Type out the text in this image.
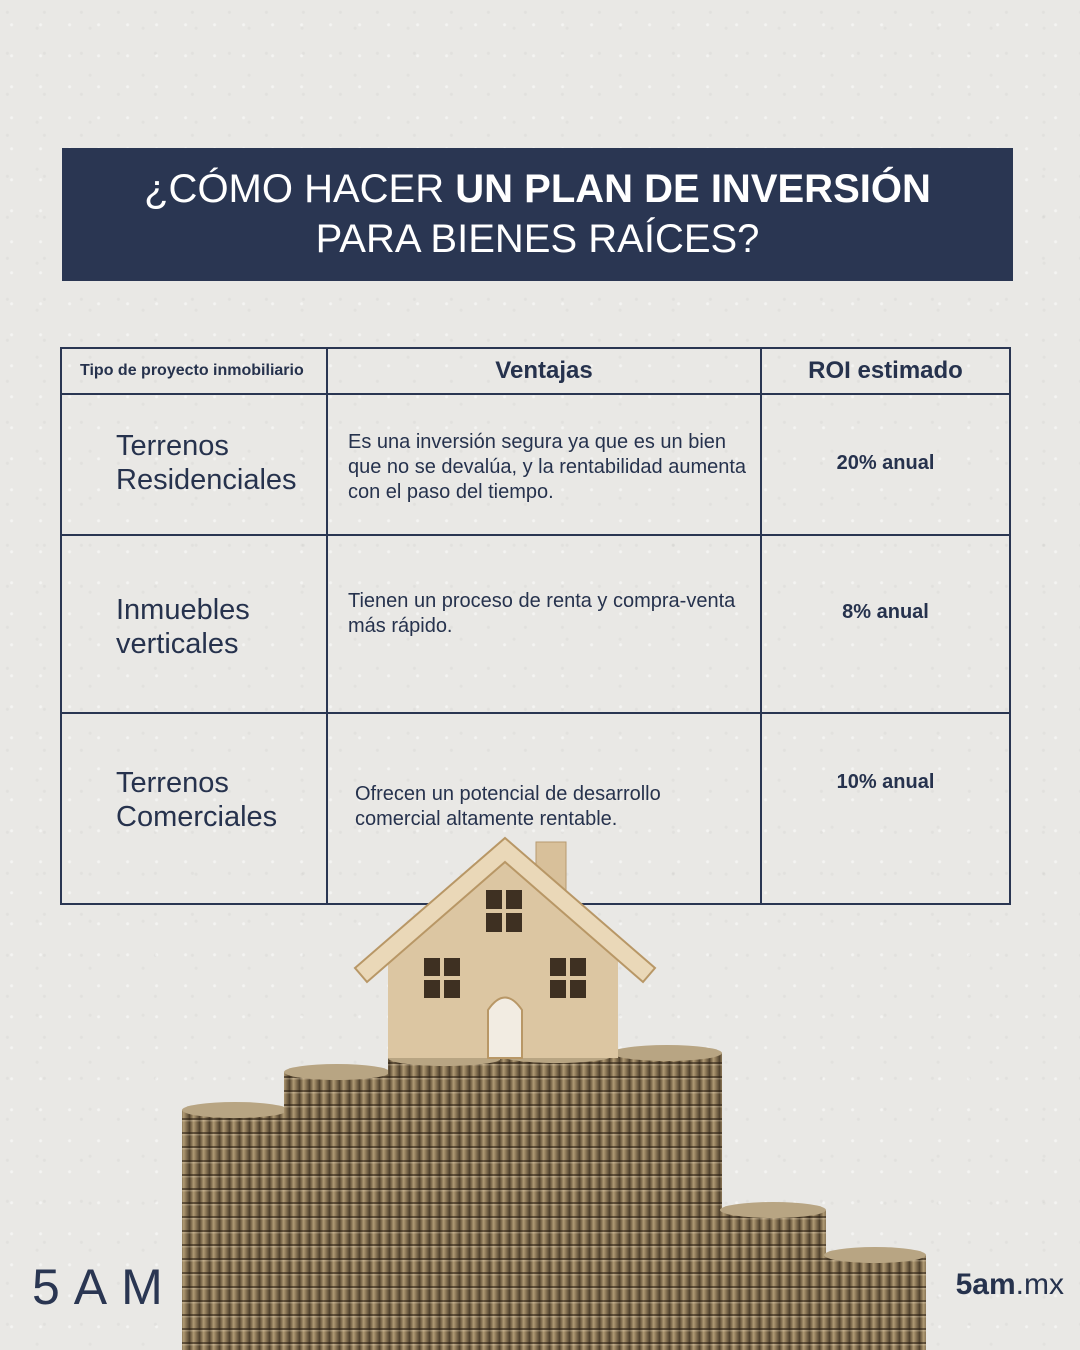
¿CÓMO HACER UN PLAN DE INVERSIÓN
PARA BIENES RAÍCES?
Tipo de proyecto inmobiliario	Ventajas	ROI estimado

Terrenos
Residenciales	Es una inversión segura ya que es un bien que no se devalúa, y la rentabilidad aumenta con el paso del tiempo.	20% anual

Inmuebles
verticales	Tienen un proceso de renta y compra-venta más rápido.	8% anual

Terrenos
Comerciales	Ofrecen un potencial de desarrollo comercial altamente rentable.	10% anual
5AM	5am.mx
